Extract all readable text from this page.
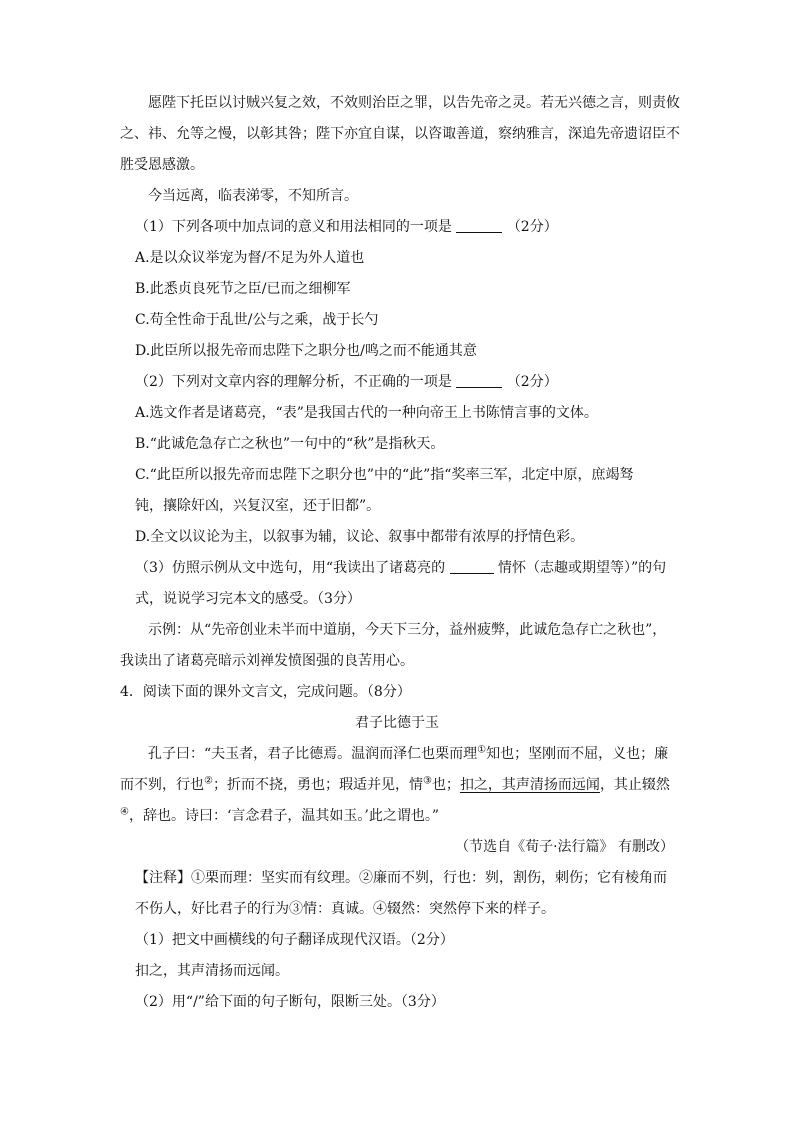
愿陛下托臣以讨贼兴复之效，不效则治臣之罪，以告先帝之灵。若无兴德之言，则责攸
之、祎、允等之慢，以彰其咎；陛下亦宜自谋，以咨诹善道，察纳雅言，深追先帝遗诏臣不
胜受恩感激。
今当远离，临表涕零，不知所言。
（1）下列各项中加点词的意义和用法相同的一项是	（2分）
A.是以众议举宠为督/不足为外人道也
B.此悉贞良死节之臣/已而之细柳军
C.苟全性命于乱世/公与之乘，战于长勺
D.此臣所以报先帝而忠陛下之职分也/鸣之而不能通其意
（2）下列对文章内容的理解分析，不正确的一项是	（2分）
A.选文作者是诸葛亮，“表”是我国古代的一种向帝王上书陈情言事的文体。
B.“此诚危急存亡之秋也”一句中的“秋”是指秋天。
C.“此臣所以报先帝而忠陛下之职分也”中的“此”指“奖率三军，北定中原，庶竭驽
钝，攘除奸凶，兴复汉室，还于旧都”。
D.全文以议论为主，以叙事为辅，议论、叙事中都带有浓厚的抒情色彩。
（3）仿照示例从文中选句，用“我读出了诸葛亮的	情怀（志趣或期望等）”的句
式，说说学习完本文的感受。（3分）
示例：从“先帝创业未半而中道崩，今天下三分，益州疲弊，此诚危急存亡之秋也”，
我读出了诸葛亮暗示刘禅发愤图强的良苦用心。
4．阅读下面的课外文言文，完成问题。（8分）
君子比德于玉
孔子曰：“夫玉者，君子比德焉。温润而泽仁也栗而理①知也；坚刚而不屈，义也；廉
而不刿，行也②；折而不挠，勇也；瑕适并见，情③也；扣之，其声清扬而远闻，其止辍然
④，辞也。诗曰：‘言念君子，温其如玉。’此之谓也。”
（节选自《荀子·法行篇》 有删改）
【注释】①栗而理：坚实而有纹理。②廉而不刿，行也：刿，割伤，刺伤；它有棱角而
不伤人，好比君子的行为③情：真诚。④辍然：突然停下来的样子。
（1）把文中画横线的句子翻译成现代汉语。（2分）
扣之，其声清扬而远闻。
（2）用“/”给下面的句子断句，限断三处。（3分）
